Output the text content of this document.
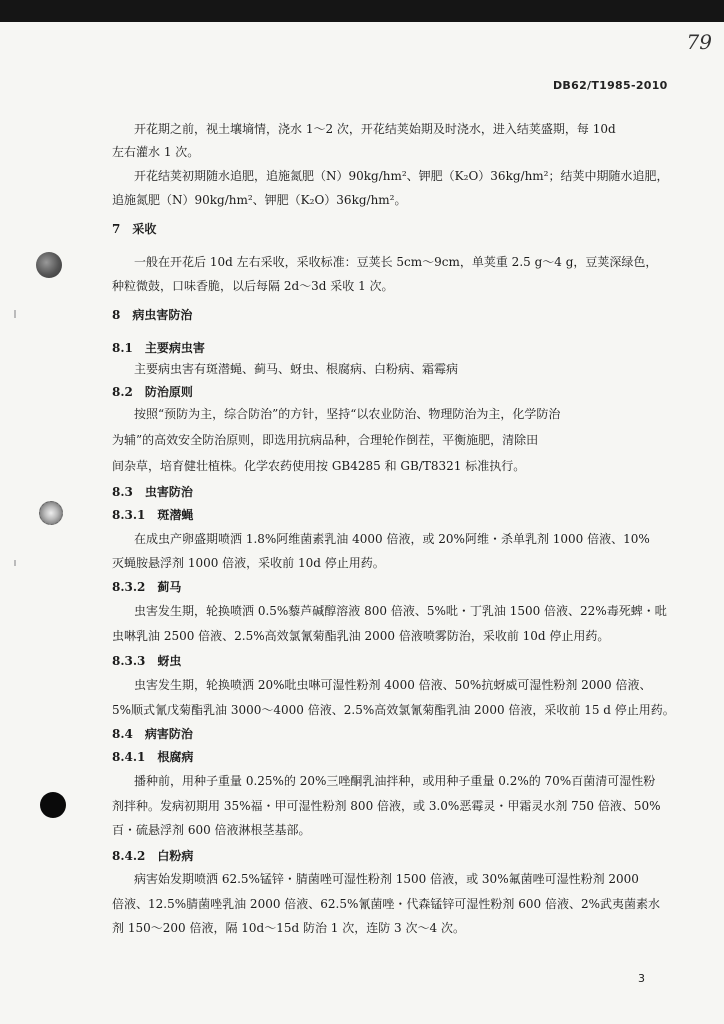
79
DB62/T1985-2010
开花期之前，视土壤墒情，浇水 1～2 次，开花结荚始期及时浇水，进入结荚盛期，每 10d
左右灌水 1 次。
开花结荚初期随水追肥，追施氮肥（N）90kg/hm²、钾肥（K₂O）36kg/hm²；结荚中期随水追肥，
追施氮肥（N）90kg/hm²、钾肥（K₂O）36kg/hm²。
7　采收
一般在开花后 10d 左右采收，采收标准：豆荚长 5cm～9cm，单荚重 2.5 g～4 g，豆荚深绿色，
种粒微鼓，口味香脆，以后每隔 2d～3d 采收 1 次。
8　病虫害防治
8.1　主要病虫害
主要病虫害有斑潜蝇、蓟马、蚜虫、根腐病、白粉病、霜霉病
8.2　防治原则
按照“预防为主，综合防治”的方针，坚持“以农业防治、物理防治为主，化学防治
为辅”的高效安全防治原则，即选用抗病品种，合理轮作倒茬，平衡施肥，清除田
间杂草，培育健壮植株。化学农药使用按 GB4285 和 GB/T8321 标准执行。
8.3　虫害防治
8.3.1　斑潜蝇
在成虫产卵盛期喷洒 1.8%阿维菌素乳油 4000 倍液，或 20%阿维・杀单乳剂 1000 倍液、10%
灭蝇胺悬浮剂 1000 倍液，采收前 10d 停止用药。
8.3.2　蓟马
虫害发生期，轮换喷洒 0.5%藜芦碱醇溶液 800 倍液、5%吡・丁乳油 1500 倍液、22%毒死蜱・吡
虫啉乳油 2500 倍液、2.5%高效氯氰菊酯乳油 2000 倍液喷雾防治，采收前 10d 停止用药。
8.3.3　蚜虫
虫害发生期，轮换喷洒 20%吡虫啉可湿性粉剂 4000 倍液、50%抗蚜威可湿性粉剂 2000 倍液、
5%顺式氰戊菊酯乳油 3000～4000 倍液、2.5%高效氯氰菊酯乳油 2000 倍液，采收前 15 d 停止用药。
8.4　病害防治
8.4.1　根腐病
播种前，用种子重量 0.25%的 20%三唑酮乳油拌种，或用种子重量 0.2%的 70%百菌清可湿性粉
剂拌种。发病初期用 35%福・甲可湿性粉剂 800 倍液，或 3.0%恶霉灵・甲霜灵水剂 750 倍液、50%
百・硫悬浮剂 600 倍液淋根茎基部。
8.4.2　白粉病
病害始发期喷洒 62.5%锰锌・腈菌唑可湿性粉剂 1500 倍液，或 30%氟菌唑可湿性粉剂 2000
倍液、12.5%腈菌唑乳油 2000 倍液、62.5%氰菌唑・代森锰锌可湿性粉剂 600 倍液、2%武夷菌素水
剂 150～200 倍液，隔 10d～15d 防治 1 次，连防 3 次～4 次。
3
